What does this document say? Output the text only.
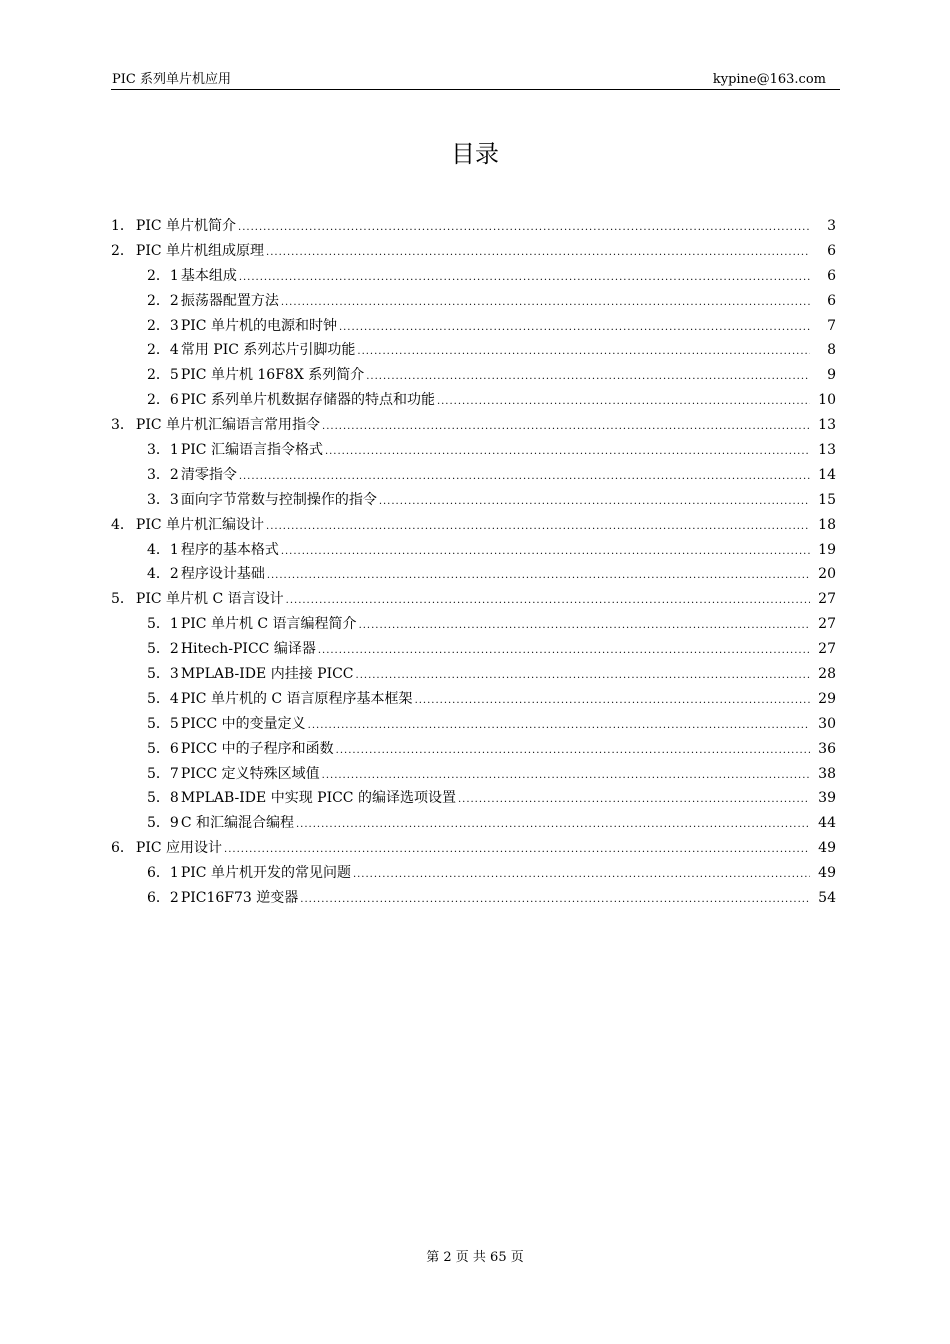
PIC 系列单片机应用	kypine@163.com
目录
1． PIC 单片机简介 .....	3
2． PIC 单片机组成原理 .....	6
2．1 基本组成 .....	6
2．2 振荡器配置方法 .....	6
2．3 PIC 单片机的电源和时钟 .....	7
2．4 常用 PIC 系列芯片引脚功能 .....	8
2．5 PIC 单片机 16F8X 系列简介 .....	9
2．6 PIC 系列单片机数据存储器的特点和功能 .....	10
3． PIC 单片机汇编语言常用指令 .....	13
3．1 PIC 汇编语言指令格式 .....	13
3．2 清零指令 .....	14
3．3 面向字节常数与控制操作的指令 .....	15
4． PIC 单片机汇编设计 .....	18
4．1 程序的基本格式 .....	19
4．2 程序设计基础 .....	20
5． PIC 单片机 C 语言设计 .....	27
5．1 PIC 单片机 C 语言编程简介 .....	27
5．2 Hitech-PICC 编译器 .....	27
5．3 MPLAB-IDE 内挂接 PICC .....	28
5．4 PIC 单片机的 C 语言原程序基本框架 .....	29
5．5 PICC 中的变量定义 .....	30
5．6 PICC 中的子程序和函数 .....	36
5．7 PICC 定义特殊区域值 .....	38
5．8 MPLAB-IDE 中实现 PICC 的编译选项设置 .....	39
5．9 C 和汇编混合编程 .....	44
6． PIC 应用设计 .....	49
6．1 PIC 单片机开发的常见问题 .....	49
6．2 PIC16F73 逆变器 .....	54
第 2 页 共 65 页
